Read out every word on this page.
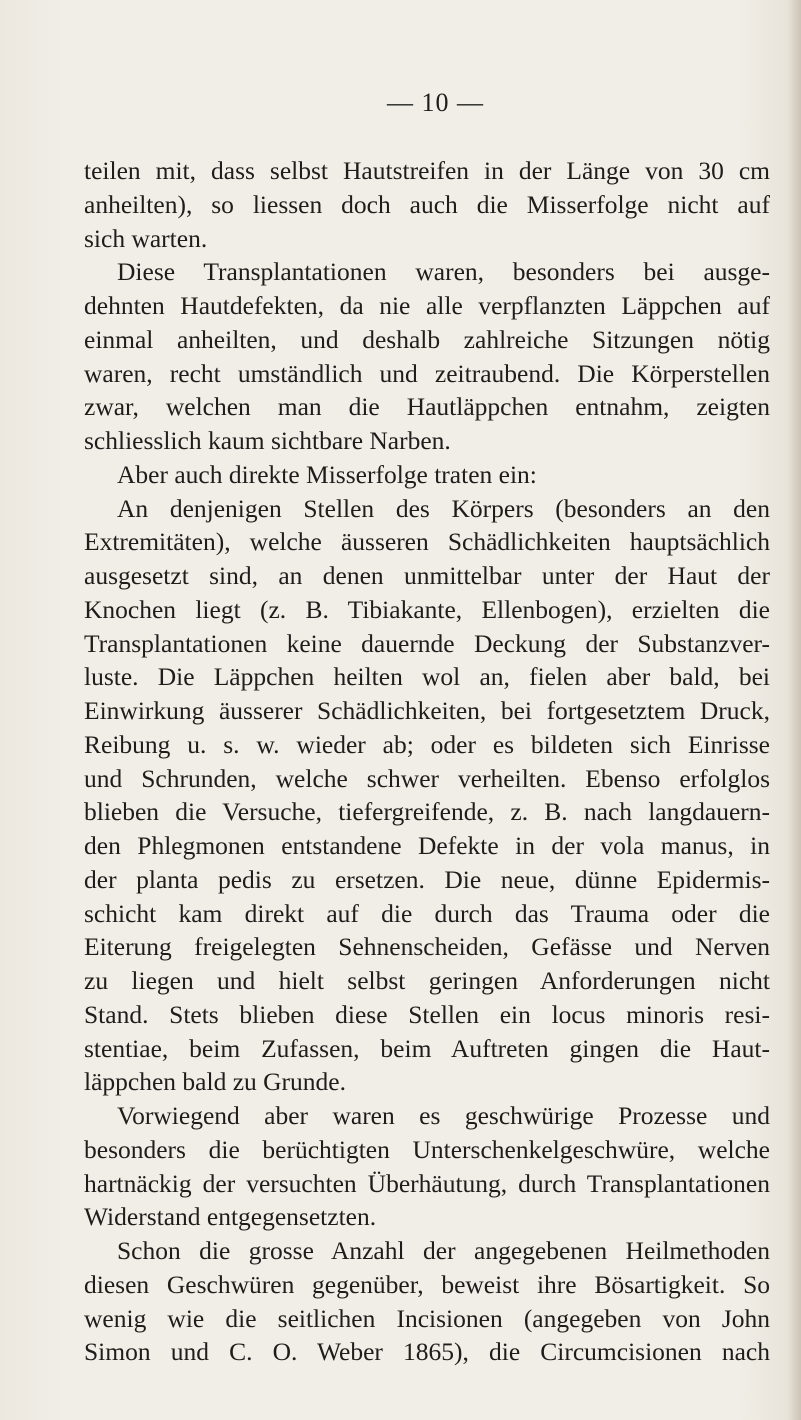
— 10 —
teilen mit, dass selbst Hautstreifen in der Länge von 30 cm
anheilten), so liessen doch auch die Misserfolge nicht auf
sich warten.
Diese Transplantationen waren, besonders bei ausge-
dehnten Hautdefekten, da nie alle verpflanzten Läppchen auf
einmal anheilten, und deshalb zahlreiche Sitzungen nötig
waren, recht umständlich und zeitraubend. Die Körperstellen
zwar, welchen man die Hautläppchen entnahm, zeigten
schliesslich kaum sichtbare Narben.
Aber auch direkte Misserfolge traten ein:
An denjenigen Stellen des Körpers (besonders an den
Extremitäten), welche äusseren Schädlichkeiten hauptsächlich
ausgesetzt sind, an denen unmittelbar unter der Haut der
Knochen liegt (z. B. Tibiakante, Ellenbogen), erzielten die
Transplantationen keine dauernde Deckung der Substanzver-
luste. Die Läppchen heilten wol an, fielen aber bald, bei
Einwirkung äusserer Schädlichkeiten, bei fortgesetztem Druck,
Reibung u. s. w. wieder ab; oder es bildeten sich Einrisse
und Schrunden, welche schwer verheilten. Ebenso erfolglos
blieben die Versuche, tiefergreifende, z. B. nach langdauern-
den Phlegmonen entstandene Defekte in der vola manus, in
der planta pedis zu ersetzen. Die neue, dünne Epidermis-
schicht kam direkt auf die durch das Trauma oder die
Eiterung freigelegten Sehnenscheiden, Gefässe und Nerven
zu liegen und hielt selbst geringen Anforderungen nicht
Stand. Stets blieben diese Stellen ein locus minoris resi-
stentiae, beim Zufassen, beim Auftreten gingen die Haut-
läppchen bald zu Grunde.
Vorwiegend aber waren es geschwürige Prozesse und
besonders die berüchtigten Unterschenkelgeschwüre, welche
hartnäckig der versuchten Überhäutung, durch Transplantationen
Widerstand entgegensetzten.
Schon die grosse Anzahl der angegebenen Heilmethoden
diesen Geschwüren gegenüber, beweist ihre Bösartigkeit. So
wenig wie die seitlichen Incisionen (angegeben von John
Simon und C. O. Weber 1865), die Circumcisionen nach
